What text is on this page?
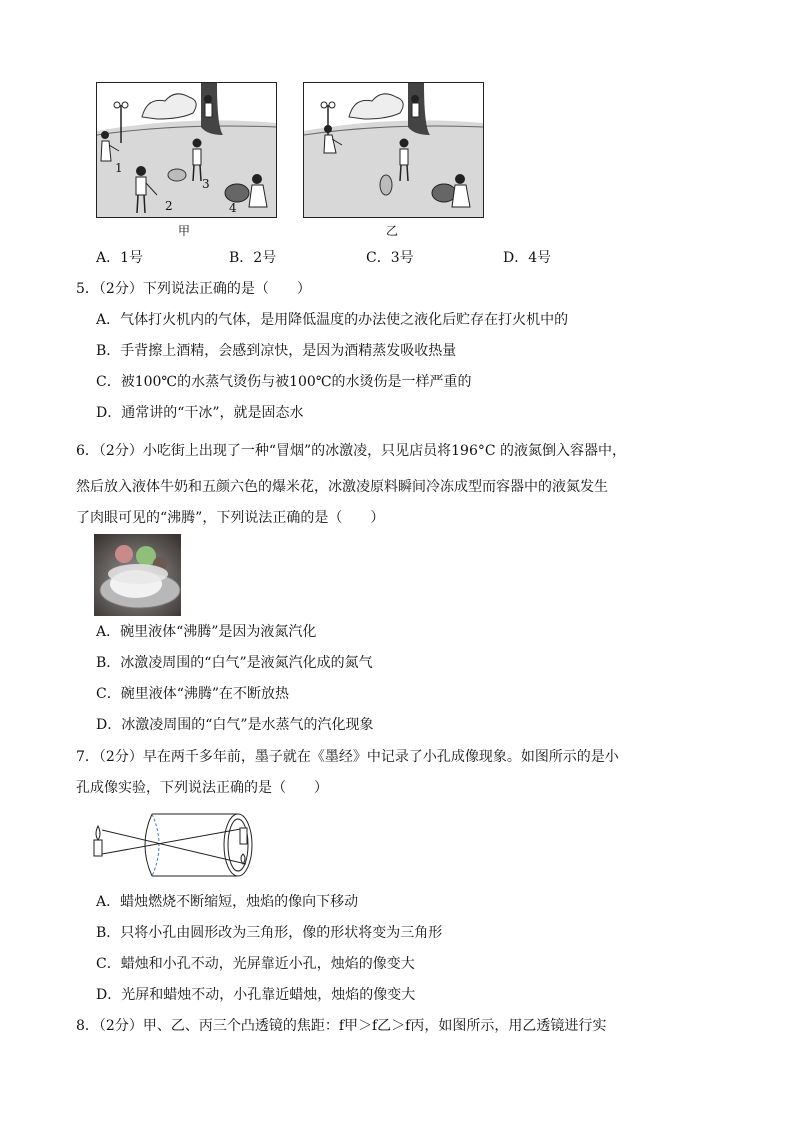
1
2
3
4
甲	乙
A．1号	B．2号	C．3号	D．4号
5．（2分）下列说法正确的是（　　）
A．气体打火机内的气体，是用降低温度的办法使之液化后贮存在打火机中的
B．手背擦上酒精，会感到凉快，是因为酒精蒸发吸收热量
C．被100℃的水蒸气烫伤与被100℃的水烫伤是一样严重的
D．通常讲的“干冰”，就是固态水
6．（2分）小吃街上出现了一种“冒烟”的冰激凌，只见店员将196°C 的液氮倒入容器中，
然后放入液体牛奶和五颜六色的爆米花，冰激凌原料瞬间冷冻成型而容器中的液氮发生
了肉眼可见的“沸腾”，下列说法正确的是（　　）
A．碗里液体“沸腾”是因为液氮汽化
B．冰激凌周围的“白气”是液氮汽化成的氮气
C．碗里液体“沸腾”在不断放热
D．冰激凌周围的“白气”是水蒸气的汽化现象
7．（2分）早在两千多年前，墨子就在《墨经》中记录了小孔成像现象。如图所示的是小
孔成像实验，下列说法正确的是（　　）
A．蜡烛燃烧不断缩短，烛焰的像向下移动
B．只将小孔由圆形改为三角形，像的形状将变为三角形
C．蜡烛和小孔不动，光屏靠近小孔，烛焰的像变大
D．光屏和蜡烛不动，小孔靠近蜡烛，烛焰的像变大
8．（2分）甲、乙、丙三个凸透镜的焦距：f甲＞f乙＞f丙，如图所示，用乙透镜进行实
